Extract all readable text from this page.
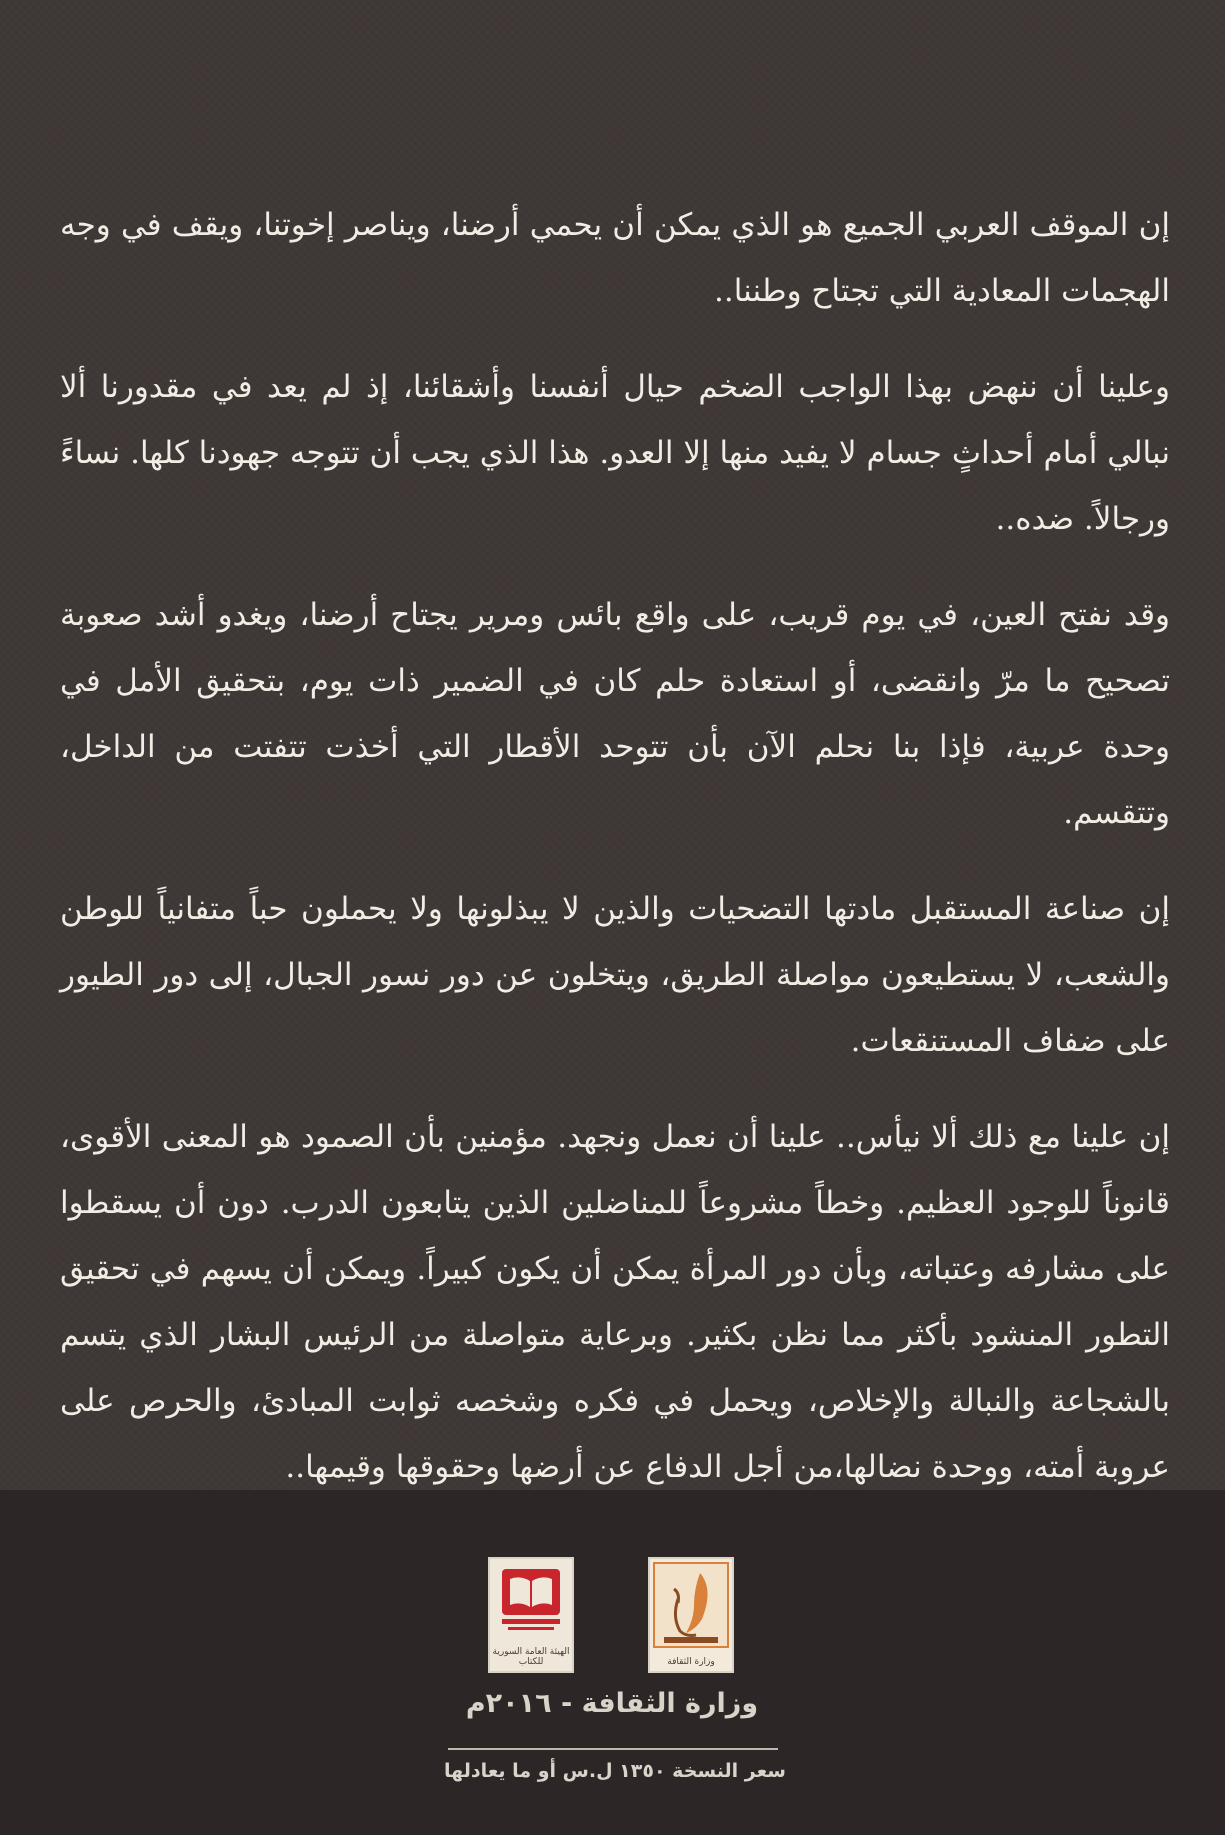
إن الموقف العربي الجميع هو الذي يمكن أن يحمي أرضنا، ويناصر إخوتنا، ويقف في وجه الهجمات المعادية التي تجتاح وطننا..

وعلينا أن ننهض بهذا الواجب الضخم حيال أنفسنا وأشقائنا، إذ لم يعد في مقدورنا ألا نبالي أمام أحداثٍ جسام لا يفيد منها إلا العدو. هذا الذي يجب أن تتوجه جهودنا كلها. نساءً ورجالاً. ضده..

وقد نفتح العين، في يوم قريب، على واقع بائس ومرير يجتاح أرضنا، ويغدو أشد صعوبة تصحيح ما مرّ وانقضى، أو استعادة حلم كان في الضمير ذات يوم، بتحقيق الأمل في وحدة عربية، فإذا بنا نحلم الآن بأن تتوحد الأقطار التي أخذت تتفتت من الداخل، وتتقسم.

إن صناعة المستقبل مادتها التضحيات والذين لا يبذلونها ولا يحملون حباً متفانياً للوطن والشعب، لا يستطيعون مواصلة الطريق، ويتخلون عن دور نسور الجبال، إلى دور الطيور على ضفاف المستنقعات.

إن علينا مع ذلك ألا نيأس.. علينا أن نعمل ونجهد. مؤمنين بأن الصمود هو المعنى الأقوى، قانوناً للوجود العظيم. وخطاً مشروعاً للمناضلين الذين يتابعون الدرب. دون أن يسقطوا على مشارفه وعتباته، وبأن دور المرأة يمكن أن يكون كبيراً. ويمكن أن يسهم في تحقيق التطور المنشود بأكثر مما نظن بكثير. وبرعاية متواصلة من الرئيس البشار الذي يتسم بالشجاعة والنبالة والإخلاص، ويحمل في فكره وشخصه ثوابت المبادئ، والحرص على عروبة أمته، ووحدة نضالها،من أجل الدفاع عن أرضها وحقوقها وقيمها..

الهيئة العامة السورية للكتاب	وزارة الثقافة
وزارة الثقافة - ٢٠١٦م
سعر النسخة ١٣٥٠ ل.س أو ما يعادلها
